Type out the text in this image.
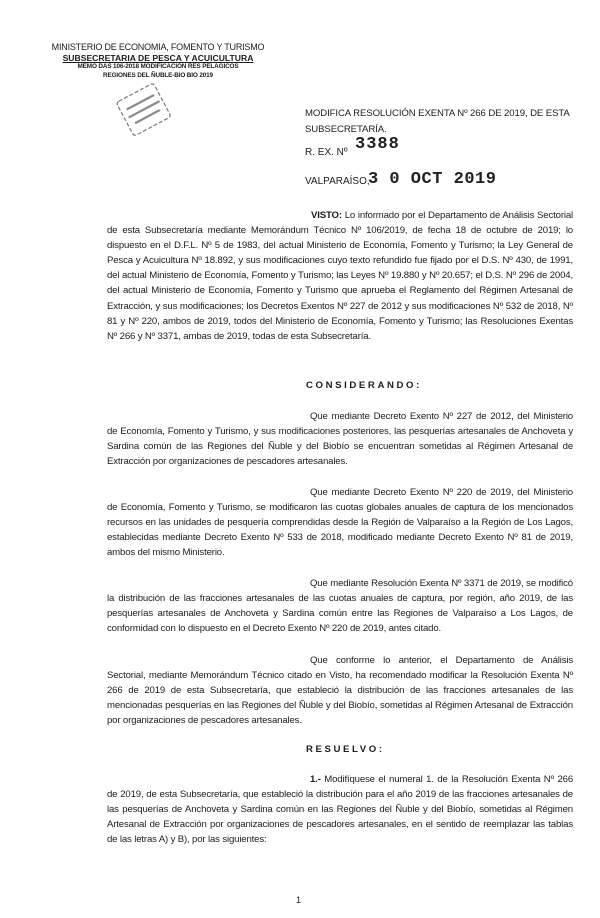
MINISTERIO DE ECONOMIA, FOMENTO Y TURISMO
SUBSECRETARIA DE PESCA Y ACUICULTURA
MEMO DAS 106-2018 MODIFICACION RES PELAGICOS
REGIONES DEL ÑUBLE-BIO BIO 2019
MODIFICA RESOLUCIÓN EXENTA Nº 266 DE 2019, DE ESTA SUBSECRETARÍA.
R. EX. Nº 3388
VALPARAÍSO,
3 0 OCT 2019
VISTO: Lo informado por el Departamento de Análisis Sectorial de esta Subsecretaría mediante Memorándum Técnico Nº 106/2019, de fecha 18 de octubre de 2019; lo dispuesto en el D.F.L. Nº 5 de 1983, del actual Ministerio de Economía, Fomento y Turismo; la Ley General de Pesca y Acuicultura Nº 18.892, y sus modificaciones cuyo texto refundido fue fijado por el D.S. Nº 430, de 1991, del actual Ministerio de Economía, Fomento y Turismo; las Leyes Nº 19.880 y Nº 20.657; el D.S. Nº 296 de 2004, del actual Ministerio de Economía, Fomento y Turismo que aprueba el Reglamento del Régimen Artesanal de Extracción, y sus modificaciones; los Decretos Exentos Nº 227 de 2012 y sus modificaciones Nº 532 de 2018, Nº 81 y Nº 220, ambos de 2019, todos del Ministerio de Economía, Fomento y Turismo; las Resoluciones Exentas Nº 266 y Nº 3371, ambas de 2019, todas de esta Subsecretaría.
CONSIDERANDO:
Que mediante Decreto Exento Nº 227 de 2012, del Ministerio de Economía, Fomento y Turismo, y sus modificaciones posteriores, las pesquerías artesanales de Anchoveta y Sardina común de las Regiones del Ñuble y del Biobío se encuentran sometidas al Régimen Artesanal de Extracción por organizaciones de pescadores artesanales.
Que mediante Decreto Exento Nº 220 de 2019, del Ministerio de Economía, Fomento y Turismo, se modificaron las cuotas globales anuales de captura de los mencionados recursos en las unidades de pesquería comprendidas desde la Región de Valparaíso a la Región de Los Lagos, establecidas mediante Decreto Exento Nº 533 de 2018, modificado mediante Decreto Exento Nº 81 de 2019, ambos del mismo Ministerio.
Que mediante Resolución Exenta Nº 3371 de 2019, se modificó la distribución de las fracciones artesanales de las cuotas anuales de captura, por región, año 2019, de las pesquerías artesanales de Anchoveta y Sardina común entre las Regiones de Valparaíso a Los Lagos, de conformidad con lo dispuesto en el Decreto Exento Nº 220 de 2019, antes citado.
Que conforme lo anterior, el Departamento de Análisis Sectorial, mediante Memorándum Técnico citado en Visto, ha recomendado modificar la Resolución Exenta Nº 266 de 2019 de esta Subsecretaría, que estableció la distribución de las fracciones artesanales de las mencionadas pesquerías en las Regiones del Ñuble y del Biobío, sometidas al Régimen Artesanal de Extracción por organizaciones de pescadores artesanales.
RESUELVO:
1.- Modifíquese el numeral 1. de la Resolución Exenta Nº 266 de 2019, de esta Subsecretaría, que estableció la distribución para el año 2019 de las fracciones artesanales de las pesquerías de Anchoveta y Sardina común en las Regiones del Ñuble y del Biobío, sometidas al Régimen Artesanal de Extracción por organizaciones de pescadores artesanales, en el sentido de reemplazar las tablas de las letras A) y B), por las siguientes:
1
